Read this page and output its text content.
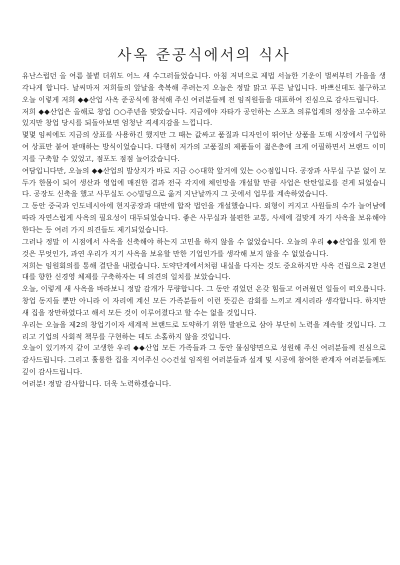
사옥 준공식에서의 식사

유난스럽던 올 여름 불볕 더위도 어느 새 수그러들었습니다. 아침 저녁으로 제법 서늘한 기운이 벌써부터 가을을 생각나게 합니다. 날씨마저 저희들의 앞날을 축복해 주려는지 오늘은 정말 맑고 푸른 날입니다. 바쁘신데도 불구하고 오늘 이렇게 저희 ◆◆산업 사옥 준공식에 참석해 주신 여러분들께 전 임직원들을 대표하여 진심으로 감사드립니다.

저희 ◆◆산업은 올해로 창업 ○○주년을 맞았습니다. 지금에야 자타가 공인하는 스포츠 의류업계의 정상을 고수하고 있지만 창업 당시를 되돌아보면 엄청난 격세지감을 느낍니다.

몇몇 임씨에도 지금의 상표를 사용하긴 했지만 그 때는 값싸고 품질과 디자인이 뛰어난 상품을 도매 시장에서 구입하여 상표만 붙여 판매하는 방식이었습니다. 다행히 저가의 고품질의 제품들이 젊은층에 크게 어필하면서 브랜드 이미지를 구축할 수 있었고, 점포도 점점 늘어갔습니다.

여담입니다만, 오늘의 ◆◆산업의 발상지가 바로 지금 ◇◇대학 앞거에 있는 ◇◇점입니다. 공장과 사무실 구분 없이 모두가 한몸이 되어 생산과 영업에 매진한 결과 전국 각지에 체인망을 개설할 만큼 사업은 탄탄일로를 걷게 되었습니다. 공장도 신축을 했고 사무실도 ◇◇빌딩으로 옮겨 지난날까지 그 곳에서 업무를 계속하였습니다.

그 동안 중국과 인도네시아에 현지공장과 대만에 합작 법인을 개설했습니다. 외형이 커지고 사원들의 수가 늘어남에 따라 자연스럽게 사옥의 필요성이 대두되었습니다. 좋은 사무실과 불편한 교통, 사세에 걸맞게 자기 사옥을 보유해야 한다는 등 여러 가지 의견들도 제기되었습니다.

그러나 정말 이 시점에서 사옥을 신축해야 하는지 고민을 하지 않을 수 없었습니다. 오늘의 우리 ◆◆산업을 있게 한 것은 무엇인가, 과연 우리가 지기 사옥을 보유할 만한 기업인가를 생각해 보지 않을 수 없었습니다.

저희는 임원회의를 통해 결단을 내렸습니다. 도약단계에서처럼 내실을 다지는 것도 중요하지만 사옥 건립으로 2천년대를 향한 신경영 체제를 구축하자는 데 의견의 일치를 보았습니다.

오늘, 이렇게 새 사옥을 바라보니 정말 감개가 무량합니다. 그 동안 겪었던 온갖 힘들고 어려웠던 일들이 떠오릅니다. 창업 동지들 뿐만 아니라 이 자리에 계신 모든 가족분들이 이런 뜻깊은 감회를 느끼고 계시리라 생각합니다. 하지만 새 집을 장만하였다고 해서 모든 것이 이루어졌다고 할 수는 없을 것입니다.

우리는 오늘을 제2의 창업기이자 세계적 브랜드로 도약하기 위한 발판으로 삼아 부단히 노력을 계속할 것입니다. 그리고 기업의 사회적 책무를 구현하는 데도 소홀하지 않을 것입니다.

오늘이 있기까지 같이 고생한 우리 ◆◆산업 모든 가족들과 그 동안 물심양면으로 성원해 주신 여러분들께 진심으로 감사드립니다. 그리고 훌륭한 집을 지어주신 ◇◇건설 임직원 여러분들과 설계 및 시공에 참여한 관계자 여러분들께도 깊이 감사드립니다.

여러분! 정말 감사합니다. 더욱 노력하겠습니다.
